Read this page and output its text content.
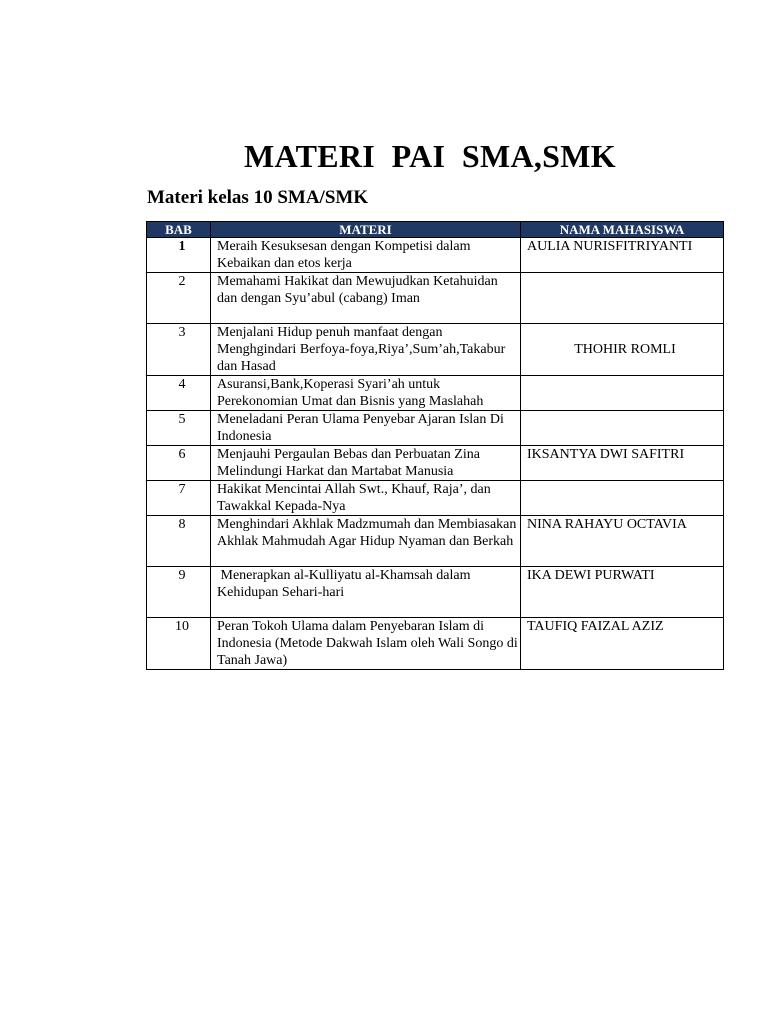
MATERI  PAI  SMA,SMK
Materi kelas 10 SMA/SMK
BAB	MATERI	NAMA MAHASISWA
1	Meraih Kesuksesan dengan Kompetisi dalam Kebaikan dan etos kerja	AULIA NURISFITRIYANTI
2	Memahami Hakikat dan Mewujudkan Ketahuidan dan dengan Syu’abul (cabang) Iman	
3	Menjalani Hidup penuh manfaat dengan Menghgindari Berfoya-foya,Riya’,Sum’ah,Takabur dan Hasad	THOHIR ROMLI
4	Asuransi,Bank,Koperasi Syari’ah untuk Perekonomian Umat dan Bisnis yang Maslahah	
5	Meneladani Peran Ulama Penyebar Ajaran Islan Di Indonesia	
6	Menjauhi Pergaulan Bebas dan Perbuatan Zina Melindungi Harkat dan Martabat Manusia	IKSANTYA DWI SAFITRI
7	Hakikat Mencintai Allah Swt., Khauf, Raja’, dan Tawakkal Kepada-Nya	
8	Menghindari Akhlak Madzmumah dan Membiasakan Akhlak Mahmudah Agar Hidup Nyaman dan Berkah	NINA RAHAYU OCTAVIA
9	Menerapkan al-Kulliyatu al-Khamsah dalam Kehidupan Sehari-hari	IKA DEWI PURWATI
10	Peran Tokoh Ulama dalam Penyebaran Islam di Indonesia (Metode Dakwah Islam oleh Wali Songo di Tanah Jawa)	TAUFIQ FAIZAL AZIZ
